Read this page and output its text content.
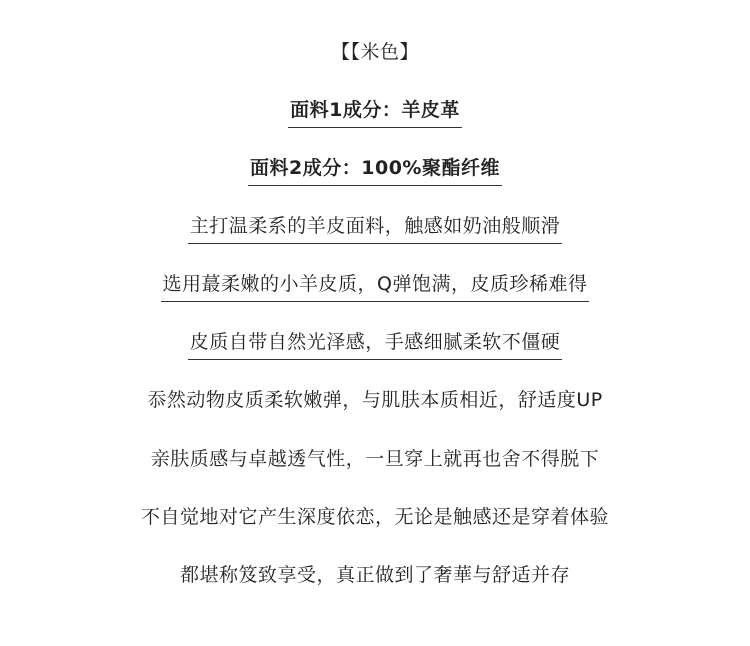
【【米色】
面料1成分：羊皮革
面料2成分：100%聚酯纤维
主打温柔系的羊皮面料，触感如奶油般顺滑
选用蕞柔嫩的小羊皮质，Q弹饱满，皮质珍稀难得
皮质自带自然光泽感，手感细腻柔软不僵硬
忝然动物皮质柔软嫩弹，与肌肤本质相近，舒适度UP
亲肤质感与卓越透气性，一旦穿上就再也舍不得脱下
不自觉地对它产生深度依恋，无论是触感还是穿着体验
都堪称笈致享受，真正做到了奢華与舒适并存
